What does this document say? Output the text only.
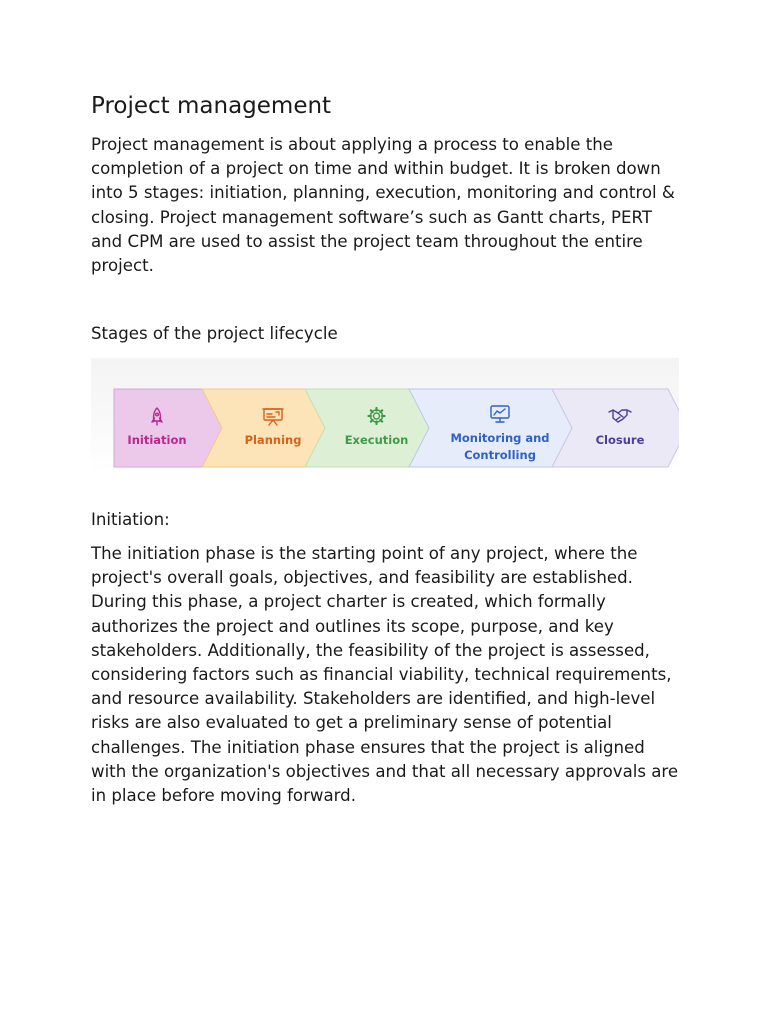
Project management

Project management is about applying a process to enable the completion of a project on time and within budget. It is broken down into 5 stages: initiation, planning, execution, monitoring and control & closing. Project management software’s such as Gantt charts, PERT and CPM are used to assist the project team throughout the entire project.

Stages of the project lifecycle

Initiation:

The initiation phase is the starting point of any project, where the project's overall goals, objectives, and feasibility are established. During this phase, a project charter is created, which formally authorizes the project and outlines its scope, purpose, and key stakeholders. Additionally, the feasibility of the project is assessed, considering factors such as financial viability, technical requirements, and resource availability. Stakeholders are identified, and high-level risks are also evaluated to get a preliminary sense of potential challenges. The initiation phase ensures that the project is aligned with the organization's objectives and that all necessary approvals are in place before moving forward.

Initiation	Planning	Execution	Monitoring and
Controlling
Closure
